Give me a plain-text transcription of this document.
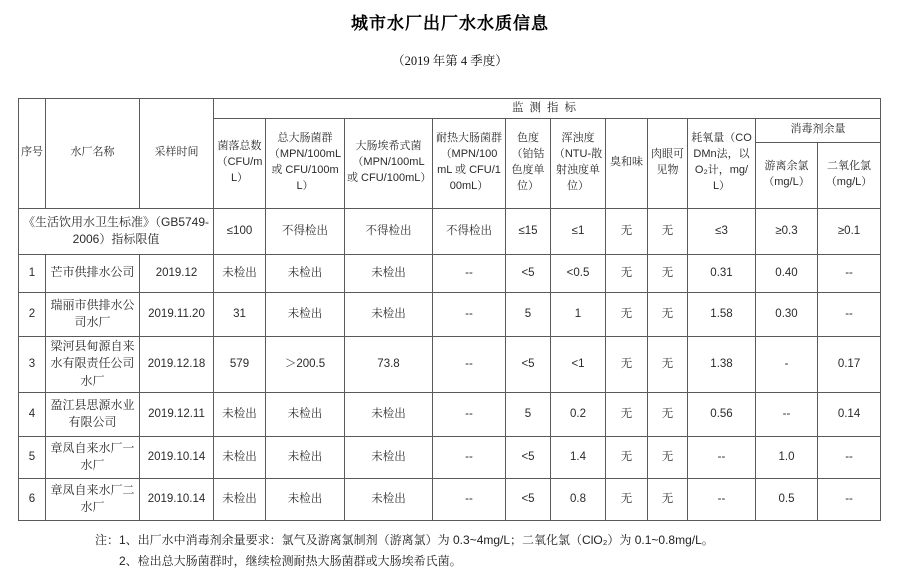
城市水厂出厂水水质信息
（2019 年第 4 季度）
序号	水厂名称	采样时间	监测指标										
			菌落总数（CFU/mL）	总大肠菌群（MPN/100mL 或 CFU/100mL）	大肠埃希式菌（MPN/100mL 或 CFU/100mL）	耐热大肠菌群（MPN/100 mL 或 CFU/100mL）	色度（铂钴色度单位）	浑浊度（NTU-散射浊度单位）	臭和味	肉眼可见物	耗氧量（CODMn法，以 O₂计，mg/L）	消毒剂余量	
												游离余氯（mg/L）	二氧化氯（mg/L）
《生活饮用水卫生标准》（GB5749-2006）指标限值			≤100	不得检出	不得检出	不得检出	≤15	≤1	无	无	≤3	≥0.3	≥0.1
1	芒市供排水公司	2019.12	未检出	未检出	未检出	--	<5	<0.5	无	无	0.31	0.40	--
2	瑞丽市供排水公司水厂	2019.11.20	31	未检出	未检出	--	5	1	无	无	1.58	0.30	--
3	梁河县甸源自来水有限责任公司水厂	2019.12.18	579	＞200.5	73.8	--	<5	<1	无	无	1.38	-	0.17
4	盈江县思源水业有限公司	2019.12.11	未检出	未检出	未检出	--	5	0.2	无	无	0.56	--	0.14
5	章凤自来水厂一水厂	2019.10.14	未检出	未检出	未检出	--	<5	1.4	无	无	--	1.0	--
6	章凤自来水厂二水厂	2019.10.14	未检出	未检出	未检出	--	<5	0.8	无	无	--	0.5	--
注：1、出厂水中消毒剂余量要求：氯气及游离氯制剂（游离氯）为 0.3~4mg/L；二氧化氯（ClO₂）为 0.1~0.8mg/L。
2、检出总大肠菌群时，继续检测耐热大肠菌群或大肠埃希氏菌。
